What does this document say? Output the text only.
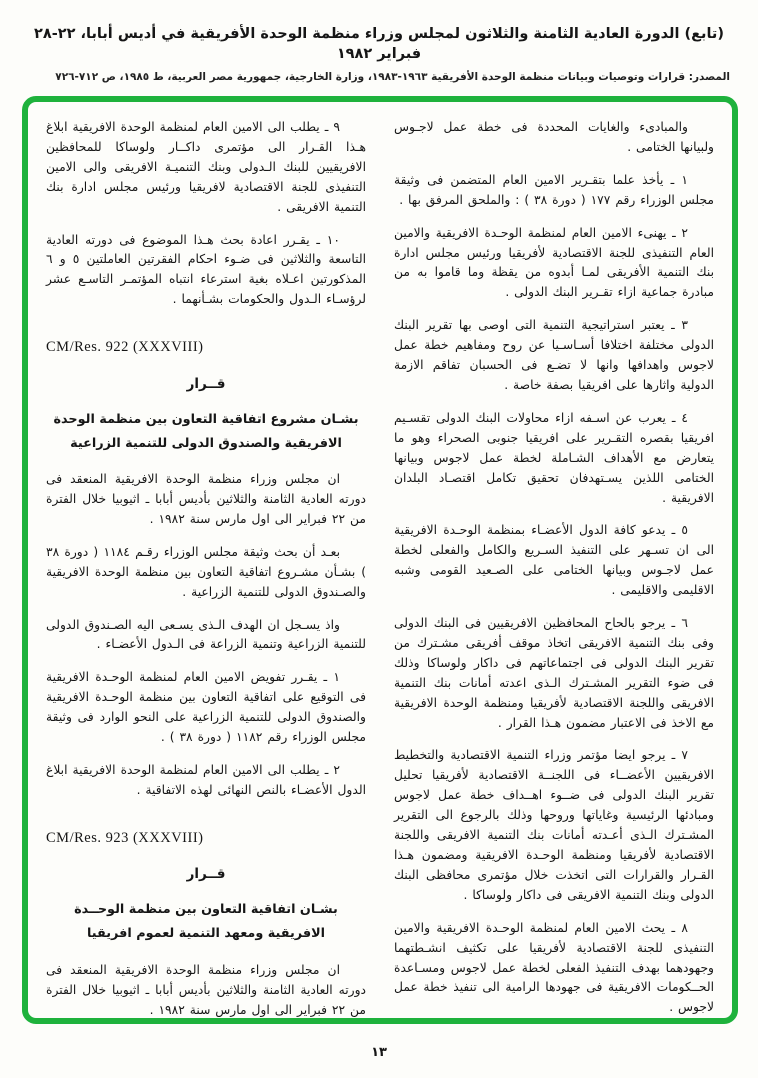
(تابع) الدورة العادية الثامنة والثلاثون لمجلس وزراء منظمة الوحدة الأفريقية في أديس أبابا، ٢٢-٢٨ فبراير ١٩٨٢
المصدر: قرارات وتوصيات وبيانات منظمة الوحدة الأفريقية ١٩٦٣-١٩٨٣، وزارة الخارجية، جمهورية مصر العربية، ط ١٩٨٥، ص ٧١٢-٧٢٦

والمبادىء والغايات المحددة فى خطة عمل لاجـوس ولبيانها الختامى .

١ ـ يأخذ علما بتقـرير الامين العام المتضمن فى وثيقة مجلس الوزراء رقم ١٧٧ ( دورة ٣٨ ) : والملحق المرفق بها .

٢ ـ يهنىء الامين العام لمنظمة الوحـدة الافريقية والامين العام التنفيذى للجنة الاقتصادية لأفريقيا ورئيس مجلس ادارة بنك التنمية الأفريقى لمـا أبدوه من يقظة وما قاموا به من مبادرة جماعية ازاء تقـرير البنك الدولى .

٣ ـ يعتبر استراتيجية التنمية التى اوصى بها تقرير البنك الدولى مختلفة اختلافا أسـاسـيا عن روح ومفاهيم خطة عمل لاجوس واهدافها وانها لا تضـع فى الحسبان تفاقم الازمة الدولية واثارها على افريقيا بصفة خاصة .

٤ ـ يعرب عن اسـفه ازاء محاولات البنك الدولى تقسـيم افريقيا بقصره التقـرير على افريقيا جنوبى الصحراء وهو ما يتعارض مع الأهداف الشـاملة لخطة عمل لاجوس وبيانها الختامى اللذين يسـتهدفان تحقيق تكامل اقتصـاد البلدان الافريقية .

٥ ـ يدعو كافة الدول الأعضـاء بمنظمة الوحـدة الافريقية الى ان تسـهر على التنفيذ السـريع والكامل والفعلى لخطة عمل لاجـوس وبيانها الختامى على الصـعيد القومى وشبه الاقليمى والاقليمى .

٦ ـ يرجو بالحاح المحافظين الافريقيين فى البنك الدولى وفى بنك التنمية الافريقى اتخاذ موقف أفريقى مشـترك من تقرير البنك الدولى فى اجتماعاتهم فى داكار ولوساكا وذلك فى ضوء التقرير المشـترك الـذى اعدته أمانات بنك التنمية الافريقى واللجنة الاقتصادية لأفريقيا ومنظمة الوحدة الافريقية مع الاخذ فى الاعتبار مضمون هـذا القرار .

٧ ـ يرجو ايضا مؤتمر وزراء التنمية الاقتصادية والتخطيط الافريقيين الأعضــاء فى اللجنــة الاقتصادية لأفريقيا تحليل تقرير البنك الدولى فى ضــوء اهــداف خطة عمل لاجوس ومبادئها الرئيسية وغاياتها وروحها وذلك بالرجوع الى التقرير المشـترك الـذى أعـدته أمانات بنك التنمية الافريقى واللجنة الاقتصادية لأفريقيا ومنظمة الوحـدة الافريقية ومضمون هـذا القـرار والقرارات التى اتخذت خلال مؤتمرى محافظى البنك الدولى وبنك التنمية الافريقى فى داكار ولوساكا .

٨ ـ يحث الامين العام لمنظمة الوحـدة الافريقية والامين التنفيذى للجنة الاقتصادية لأفريقيا على تكثيف انشـطتهما وجهودهما بهدف التنفيذ الفعلى لخطة عمل لاجوس ومسـاعدة الحــكومات الافريقية فى جهودها الرامية الى تنفيذ خطة عمل لاجوس .

٩ ـ يطلب الى الامين العام لمنظمة الوحدة الافريقية ابلاغ هـذا القـرار الى مؤتمرى داكــار ولوساكا للمحافظين الافريقيين للبنك الـدولى وبنك التنميـة الافريقى والى الامين التنفيذى للجنة الاقتصادية لافريقيا ورئيس مجلس ادارة بنك التنمية الافريقى .

١٠ ـ يقـرر اعادة بحث هـذا الموضوع فى دورته العادية التاسعة والثلاثين فى ضـوء احكام الفقرتين العاملتين ٥ و ٦ المذكورتين اعـلاه بغية استرعاء انتباه المؤتمـر التاسـع عشر لرؤسـاء الـدول والحكومات بشـأنهما .

CM/Res. 922 (XXXVIII)
قــرار
بشـان مشروع اتفاقية التعاون بين منظمة الوحدة الافريقية والصندوق الدولى للتنمية الزراعية

ان مجلس وزراء منظمة الوحدة الافريقية المنعقد فى دورته العادية الثامنة والثلاثين بأديس أبابا ـ اثيوبيا خلال الفترة من ٢٢ فبراير الى اول مارس سنة ١٩٨٢ .

بعـد أن بحث وثيقة مجلس الوزراء رقـم ١١٨٤ ( دورة ٣٨ ) بشـأن مشـروع اتفاقية التعاون بين منظمة الوحدة الافريقية والصـندوق الدولى للتنمية الزراعية .

واذ يسـجل ان الهدف الـذى يسـعى اليه الصـندوق الدولى للتنمية الزراعية وتنمية الزراعة فى الـدول الأعضـاء .

١ ـ يقـرر تفويض الامين العام لمنظمة الوحـدة الافريقية فى التوقيع على اتفاقية التعاون بين منظمة الوحـدة الافريقية والصندوق الدولى للتنمية الزراعية على النحو الوارد فى وثيقة مجلس الوزراء رقم ١١٨٢ ( دورة ٣٨ ) .

٢ ـ يطلب الى الامين العام لمنظمة الوحدة الافريقية ابلاغ الدول الأعضـاء بالنص النهائى لهذه الاتفاقية .

CM/Res. 923 (XXXVIII)
قــرار
بشـان اتفاقية التعاون بين منظمة الوحــدة الافريقية ومعهد التنمية لعموم افريقيا

ان مجلس وزراء منظمة الوحدة الافريقية المنعقد فى دورته العادية الثامنة والثلاثين بأديس أبابا ـ اثيوبيا خلال الفترة من ٢٢ فبراير الى اول مارس سنة ١٩٨٢ .

١٣
